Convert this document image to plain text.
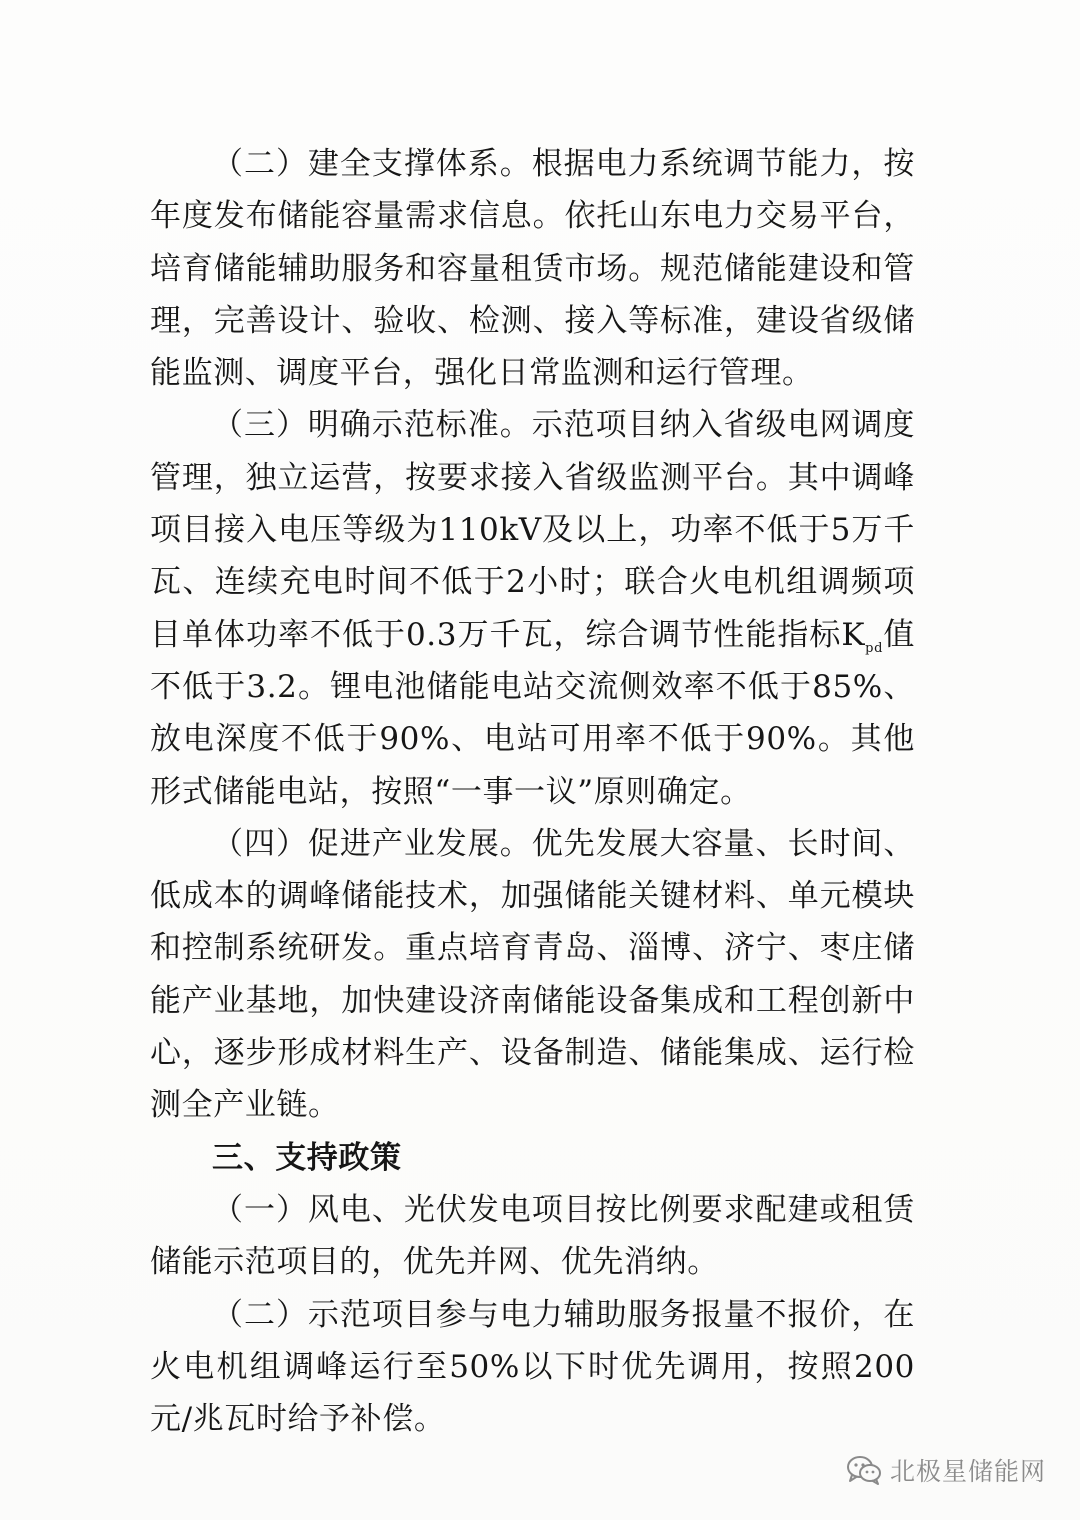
（二）建全支撑体系。根据电力系统调节能力，按年度发布储能容量需求信息。依托山东电力交易平台，培育储能辅助服务和容量租赁市场。规范储能建设和管理，完善设计、验收、检测、接入等标准，建设省级储能监测、调度平台，强化日常监测和运行管理。

（三）明确示范标准。示范项目纳入省级电网调度管理，独立运营，按要求接入省级监测平台。其中调峰项目接入电压等级为110kV及以上，功率不低于5万千瓦、连续充电时间不低于2小时；联合火电机组调频项目单体功率不低于0.3万千瓦，综合调节性能指标$K_{pd}$值不低于3.2。锂电池储能电站交流侧效率不低于85%、放电深度不低于90%、电站可用率不低于90%。其他形式储能电站，按照“一事一议”原则确定。

（四）促进产业发展。优先发展大容量、长时间、低成本的调峰储能技术，加强储能关键材料、单元模块和控制系统研发。重点培育青岛、淄博、济宁、枣庄储能产业基地，加快建设济南储能设备集成和工程创新中心，逐步形成材料生产、设备制造、储能集成、运行检测全产业链。

三、支持政策

（一）风电、光伏发电项目按比例要求配建或租赁储能示范项目的，优先并网、优先消纳。

（二）示范项目参与电力辅助服务报量不报价，在火电机组调峰运行至50%以下时优先调用，按照200元/兆瓦时给予补偿。

北极星储能网
